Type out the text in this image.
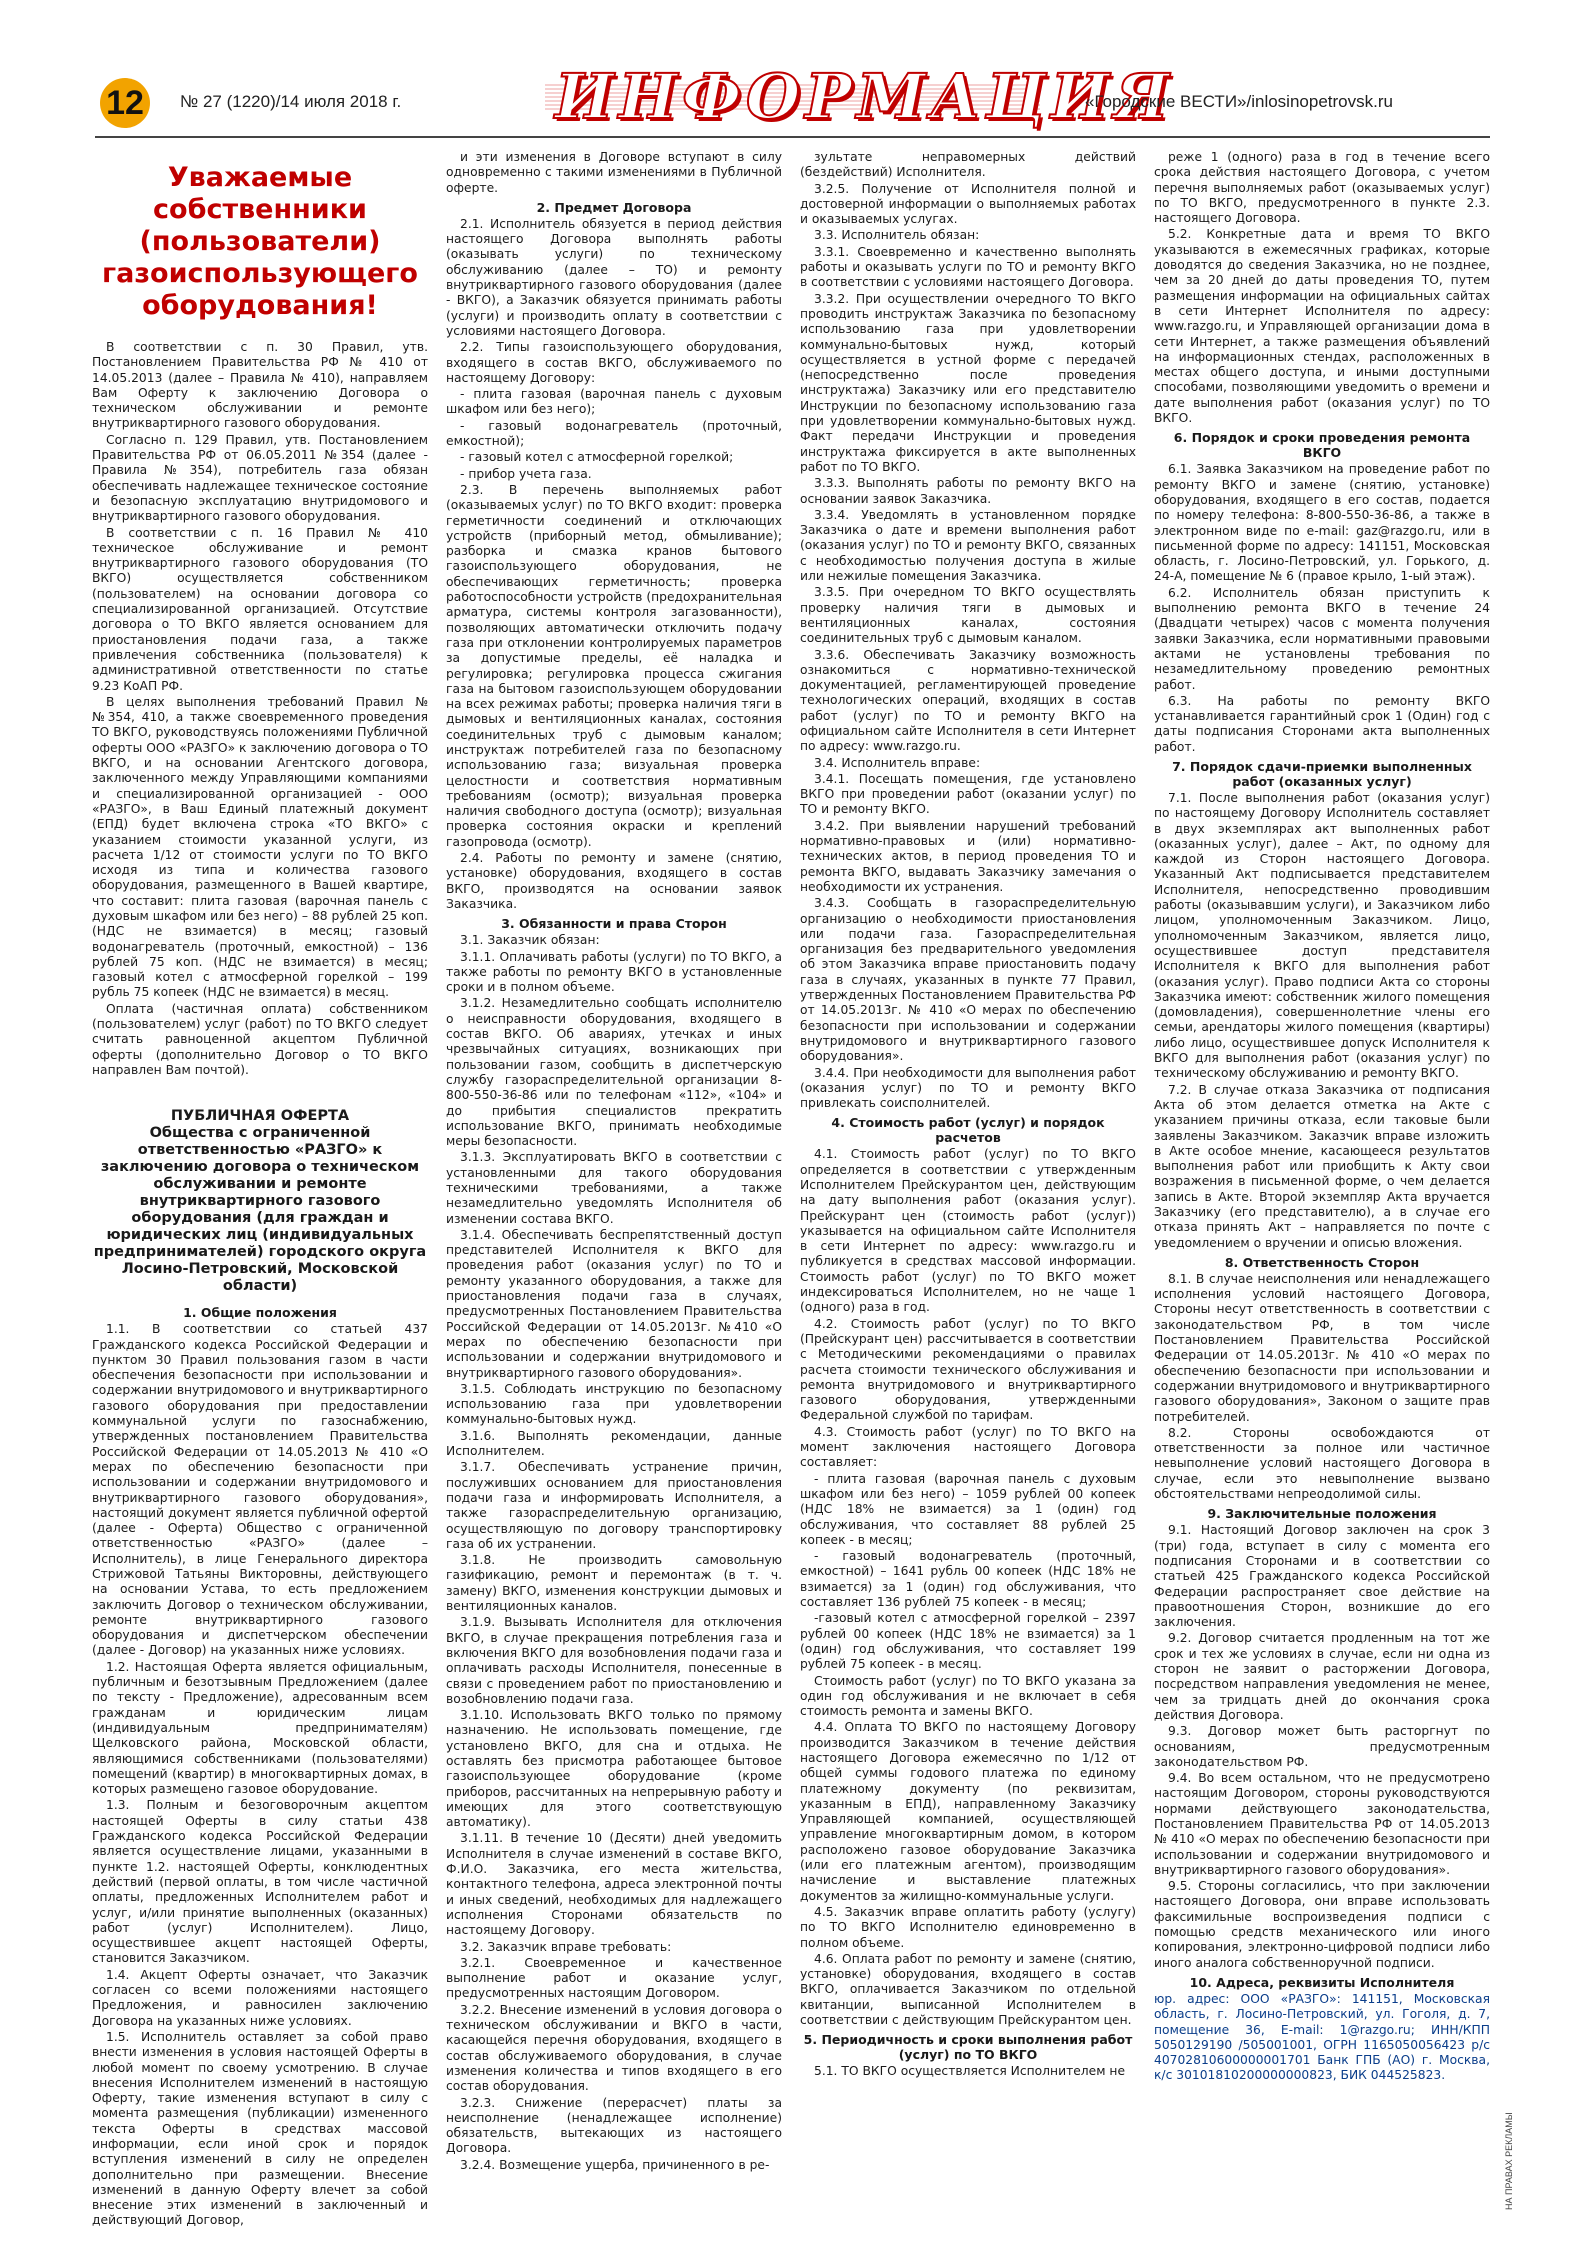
12	№ 27 (1220)/14 июля 2018 г. ИНФОРМАЦИЯ
«Городские ВЕСТИ»/inlosinopetrovsk.ru
Уважаемые собственники (пользователи) газоиспользующего оборудования!

В соответствии с п. 30 Правил, утв. Постановлением Правительства РФ № 410 от 14.05.2013 (далее – Правила № 410), направляем Вам Оферту к заключению Договора о техническом обслуживании и ремонте внутриквартирного газового оборудования.

Согласно п. 129 Правил, утв. Постановлением Правительства РФ от 06.05.2011 №354 (далее - Правила №354), потребитель газа обязан обеспечивать надлежащее техническое состояние и безопасную эксплуатацию внутридомового и внутриквартирного газового оборудования.

В соответствии с п. 16 Правил № 410 техническое обслуживание и ремонт внутриквартирного газового оборудования (ТО ВКГО) осуществляется собственником (пользователем) на основании договора со специализированной организацией. Отсутствие договора о ТО ВКГО является основанием для приостановления подачи газа, а также привлечения собственника (пользователя) к административной ответственности по статье 9.23 КоАП РФ.

В целях выполнения требований Правил №№354, 410, а также своевременного проведения ТО ВКГО, руководствуясь положениями Публичной оферты ООО «РАЗГО» к заключению договора о ТО ВКГО, и на основании Агентского договора, заключенного между Управляющими компаниями и специализированной организацией - ООО «РАЗГО», в Ваш Единый платежный документ (ЕПД) будет включена строка «ТО ВКГО» с указанием стоимости указанной услуги, из расчета 1/12 от стоимости услуги по ТО ВКГО исходя из типа и количества газового оборудования, размещенного в Вашей квартире, что составит: плита газовая (варочная панель с духовым шкафом или без него) – 88 рублей 25 коп. (НДС не взимается) в месяц; газовый водонагреватель (проточный, емкостной) – 136 рублей 75 коп. (НДС не взимается) в месяц; газовый котел с атмосферной горелкой – 199 рубль 75 копеек (НДС не взимается) в месяц.

Оплата (частичная оплата) собственником (пользователем) услуг (работ) по ТО ВКГО следует считать равноценной акцептом Публичной оферты (дополнительно Договор о ТО ВКГО направлен Вам почтой).

ПУБЛИЧНАЯ ОФЕРТА
Общества с ограниченной ответственностью «РАЗГО» к заключению договора о техническом обслуживании и ремонте внутриквартирного газового оборудования (для граждан и юридических лиц (индивидуальных предпринимателей) городского округа Лосино-Петровский, Московской области)
1. Общие положения

1.1. В соответствии со статьей 437 Гражданского кодекса Российской Федерации и пунктом 30 Правил пользования газом в части обеспечения безопасности при использовании и содержании внутридомового и внутриквартирного газового оборудования при предоставлении коммунальной услуги по газоснабжению, утвержденных постановлением Правительства Российской Федерации от 14.05.2013 № 410 «О мерах по обеспечению безопасности при использовании и содержании внутридомового и внутриквартирного газового оборудования», настоящий документ является публичной офертой (далее - Оферта) Общество с ограниченной ответственностью «РАЗГО» (далее – Исполнитель), в лице Генерального директора Стрижовой Татьяны Викторовны, действующего на основании Устава, то есть предложением заключить Договор о техническом обслуживании, ремонте внутриквартирного газового оборудования и диспетчерском обеспечении (далее - Договор) на указанных ниже условиях.

1.2. Настоящая Оферта является официальным, публичным и безотзывным Предложением (далее по тексту - Предложение), адресованным всем гражданам и юридическим лицам (индивидуальным предпринимателям) Щелковского района, Московской области, являющимися собственниками (пользователями) помещений (квартир) в многоквартирных домах, в которых размещено газовое оборудование.

1.3. Полным и безоговорочным акцептом настоящей Оферты в силу статьи 438 Гражданского кодекса Российской Федерации является осуществление лицами, указанными в пункте 1.2. настоящей Оферты, конклюдентных действий (первой оплаты, в том числе частичной оплаты, предложенных Исполнителем работ и услуг, и/или принятие выполненных (оказанных) работ (услуг) Исполнителем). Лицо, осуществившее акцепт настоящей Оферты, становится Заказчиком.

1.4. Акцепт Оферты означает, что Заказчик согласен со всеми положениями настоящего Предложения, и равносилен заключению Договора на указанных ниже условиях.

1.5. Исполнитель оставляет за собой право внести изменения в условия настоящей Оферты в любой момент по своему усмотрению. В случае внесения Исполнителем изменений в настоящую Оферту, такие изменения вступают в силу с момента размещения (публикации) измененного текста Оферты в средствах массовой информации, если иной срок и порядок вступления изменений в силу не определен дополнительно при размещении. Внесение изменений в данную Оферту влечет за собой внесение этих изменений в заключенный и действующий Договор,

и эти изменения в Договоре вступают в силу одновременно с такими изменениями в Публичной оферте.

2. Предмет Договора

2.1. Исполнитель обязуется в период действия настоящего Договора выполнять работы (оказывать услуги) по техническому обслуживанию (далее – ТО) и ремонту внутриквартирного газового оборудования (далее - ВКГО), а Заказчик обязуется принимать работы (услуги) и производить оплату в соответствии с условиями настоящего Договора.

2.2. Типы газоиспользующего оборудования, входящего в состав ВКГО, обслуживаемого по настоящему Договору:

- плита газовая (варочная панель с духовым шкафом или без него);

- газовый водонагреватель (проточный, емкостной);

- газовый котел с атмосферной горелкой;

- прибор учета газа.

2.3. В перечень выполняемых работ (оказываемых услуг) по ТО ВКГО входит: проверка герметичности соединений и отключающих устройств (приборный метод, обмыливание); разборка и смазка кранов бытового газоиспользующего оборудования, не обеспечивающих герметичность; проверка работоспособности устройств (предохранительная арматура, системы контроля загазованности), позволяющих автоматически отключить подачу газа при отклонении контролируемых параметров за допустимые пределы, её наладка и регулировка; регулировка процесса сжигания газа на бытовом газоиспользующем оборудовании на всех режимах работы; проверка наличия тяги в дымовых и вентиляционных каналах, состояния соединительных труб с дымовым каналом; инструктаж потребителей газа по безопасному использованию газа; визуальная проверка целостности и соответствия нормативным требованиям (осмотр); визуальная проверка наличия свободного доступа (осмотр); визуальная проверка состояния окраски и креплений газопровода (осмотр).

2.4. Работы по ремонту и замене (снятию, установке) оборудования, входящего в состав ВКГО, производятся на основании заявок Заказчика.

3. Обязанности и права Сторон

3.1. Заказчик обязан:

3.1.1. Оплачивать работы (услуги) по ТО ВКГО, а также работы по ремонту ВКГО в установленные сроки и в полном объеме.

3.1.2. Незамедлительно сообщать исполнителю о неисправности оборудования, входящего в состав ВКГО. Об авариях, утечках и иных чрезвычайных ситуациях, возникающих при пользовании газом, сообщить в диспетчерскую службу газораспределительной организации 8-800-550-36-86 или по телефонам «112», «104» и до прибытия специалистов прекратить использование ВКГО, принимать необходимые меры безопасности.

3.1.3. Эксплуатировать ВКГО в соответствии с установленными для такого оборудования техническими требованиями, а также незамедлительно уведомлять Исполнителя об изменении состава ВКГО.

3.1.4. Обеспечивать беспрепятственный доступ представителей Исполнителя к ВКГО для проведения работ (оказания услуг) по ТО и ремонту указанного оборудования, а также для приостановления подачи газа в случаях, предусмотренных Постановлением Правительства Российской Федерации от 14.05.2013г. №410 «О мерах по обеспечению безопасности при использовании и содержании внутридомового и внутриквартирного газового оборудования».

3.1.5. Соблюдать инструкцию по безопасному использованию газа при удовлетворении коммунально-бытовых нужд.

3.1.6. Выполнять рекомендации, данные Исполнителем.

3.1.7. Обеспечивать устранение причин, послуживших основанием для приостановления подачи газа и информировать Исполнителя, а также газораспределительную организацию, осуществляющую по договору транспортировку газа об их устранении.

3.1.8. Не производить самовольную газификацию, ремонт и перемонтаж (в т. ч. замену) ВКГО, изменения конструкции дымовых и вентиляционных каналов.

3.1.9. Вызывать Исполнителя для отключения ВКГО, в случае прекращения потребления газа и включения ВКГО для возобновления подачи газа и оплачивать расходы Исполнителя, понесенные в связи с проведением работ по приостановлению и возобновлению подачи газа.

3.1.10. Использовать ВКГО только по прямому назначению. Не использовать помещение, где установлено ВКГО, для сна и отдыха. Не оставлять без присмотра работающее бытовое газоиспользующее оборудование (кроме приборов, рассчитанных на непрерывную работу и имеющих для этого соответствующую автоматику).

3.1.11. В течение 10 (Десяти) дней уведомить Исполнителя в случае изменений в составе ВКГО, Ф.И.О. Заказчика, его места жительства, контактного телефона, адреса электронной почты и иных сведений, необходимых для надлежащего исполнения Сторонами обязательств по настоящему Договору.

3.2. Заказчик вправе требовать:

3.2.1. Своевременное и качественное выполнение работ и оказание услуг, предусмотренных настоящим Договором.

3.2.2. Внесение изменений в условия договора о техническом обслуживании и ВКГО в части, касающейся перечня оборудования, входящего в состав обслуживаемого оборудования, в случае изменения количества и типов входящего в его состав оборудования.

3.2.3. Снижение (перерасчет) платы за неисполнение (ненадлежащее исполнение) обязательств, вытекающих из настоящего Договора.

3.2.4. Возмещение ущерба, причиненного в ре-

зультате неправомерных действий (бездействий) Исполнителя.

3.2.5. Получение от Исполнителя полной и достоверной информации о выполняемых работах и оказываемых услугах.

3.3. Исполнитель обязан:

3.3.1. Своевременно и качественно выполнять работы и оказывать услуги по ТО и ремонту ВКГО в соответствии с условиями настоящего Договора.

3.3.2. При осуществлении очередного ТО ВКГО проводить инструктаж Заказчика по безопасному использованию газа при удовлетворении коммунально-бытовых нужд, который осуществляется в устной форме с передачей (непосредственно после проведения инструктажа) Заказчику или его представителю Инструкции по безопасному использованию газа при удовлетворении коммунально-бытовых нужд. Факт передачи Инструкции и проведения инструктажа фиксируется в акте выполненных работ по ТО ВКГО.

3.3.3. Выполнять работы по ремонту ВКГО на основании заявок Заказчика.

3.3.4. Уведомлять в установленном порядке Заказчика о дате и времени выполнения работ (оказания услуг) по ТО и ремонту ВКГО, связанных с необходимостью получения доступа в жилые или нежилые помещения Заказчика.

3.3.5. При очередном ТО ВКГО осуществлять проверку наличия тяги в дымовых и вентиляционных каналах, состояния соединительных труб с дымовым каналом.

3.3.6. Обеспечивать Заказчику возможность ознакомиться с нормативно-технической документацией, регламентирующей проведение технологических операций, входящих в состав работ (услуг) по ТО и ремонту ВКГО на официальном сайте Исполнителя в сети Интернет по адресу: www.razgo.ru.

3.4. Исполнитель вправе:

3.4.1. Посещать помещения, где установлено ВКГО при проведении работ (оказании услуг) по ТО и ремонту ВКГО.

3.4.2. При выявлении нарушений требований нормативно-правовых и (или) нормативно-технических актов, в период проведения ТО и ремонта ВКГО, выдавать Заказчику замечания о необходимости их устранения.

3.4.3. Сообщать в газораспределительную организацию о необходимости приостановления или подачи газа. Газораспределительная организация без предварительного уведомления об этом Заказчика вправе приостановить подачу газа в случаях, указанных в пункте 77 Правил, утвержденных Постановлением Правительства РФ от 14.05.2013г. № 410 «О мерах по обеспечению безопасности при использовании и содержании внутридомового и внутриквартирного газового оборудования».

3.4.4. При необходимости для выполнения работ (оказания услуг) по ТО и ремонту ВКГО привлекать соисполнителей.

4. Стоимость работ (услуг) и порядок расчетов

4.1. Стоимость работ (услуг) по ТО ВКГО определяется в соответствии с утвержденным Исполнителем Прейскурантом цен, действующим на дату выполнения работ (оказания услуг). Прейскурант цен (стоимость работ (услуг)) указывается на официальном сайте Исполнителя в сети Интернет по адресу: www.razgo.ru и публикуется в средствах массовой информации. Стоимость работ (услуг) по ТО ВКГО может индексироваться Исполнителем, но не чаще 1 (одного) раза в год.

4.2. Стоимость работ (услуг) по ТО ВКГО (Прейскурант цен) рассчитывается в соответствии с Методическими рекомендациями о правилах расчета стоимости технического обслуживания и ремонта внутридомового и внутриквартирного газового оборудования, утвержденными Федеральной службой по тарифам.

4.3. Стоимость работ (услуг) по ТО ВКГО на момент заключения настоящего Договора составляет:

- плита газовая (варочная панель с духовым шкафом или без него) – 1059 рублей 00 копеек (НДС 18% не взимается) за 1 (один) год обслуживания, что составляет 88 рублей 25 копеек - в месяц;

- газовый водонагреватель (проточный, емкостной) – 1641 рубль 00 копеек (НДС 18% не взимается) за 1 (один) год обслуживания, что составляет 136 рублей 75 копеек - в месяц;

-газовый котел с атмосферной горелкой – 2397 рублей 00 копеек (НДС 18% не взимается) за 1 (один) год обслуживания, что составляет 199 рублей 75 копеек - в месяц.

Стоимость работ (услуг) по ТО ВКГО указана за один год обслуживания и не включает в себя стоимость ремонта и замены ВКГО.

4.4. Оплата ТО ВКГО по настоящему Договору производится Заказчиком в течение действия настоящего Договора ежемесячно по 1/12 от общей суммы годового платежа по единому платежному документу (по реквизитам, указанным в ЕПД), направленному Заказчику Управляющей компанией, осуществляющей управление многоквартирным домом, в котором расположено газовое оборудование Заказчика (или его платежным агентом), производящим начисление и выставление платежных документов за жилищно-коммунальные услуги.

4.5. Заказчик вправе оплатить работу (услугу) по ТО ВКГО Исполнителю единовременно в полном объеме.

4.6. Оплата работ по ремонту и замене (снятию, установке) оборудования, входящего в состав ВКГО, оплачивается Заказчиком по отдельной квитанции, выписанной Исполнителем в соответствии с действующим Прейскурантом цен.

5. Периодичность и сроки выполнения работ (услуг) по ТО ВКГО

5.1. ТО ВКГО осуществляется Исполнителем не

реже 1 (одного) раза в год в течение всего срока действия настоящего Договора, с учетом перечня выполняемых работ (оказываемых услуг) по ТО ВКГО, предусмотренного в пункте 2.3. настоящего Договора.

5.2. Конкретные дата и время ТО ВКГО указываются в ежемесячных графиках, которые доводятся до сведения Заказчика, но не позднее, чем за 20 дней до даты проведения ТО, путем размещения информации на официальных сайтах в сети Интернет Исполнителя по адресу: www.razgo.ru, и Управляющей организации дома в сети Интернет, а также размещения объявлений на информационных стендах, расположенных в местах общего доступа, и иными доступными способами, позволяющими уведомить о времени и дате выполнения работ (оказания услуг) по ТО ВКГО.

6. Порядок и сроки проведения ремонта ВКГО

6.1. Заявка Заказчиком на проведение работ по ремонту ВКГО и замене (снятию, установке) оборудования, входящего в его состав, подается по номеру телефона: 8-800-550-36-86, а также в электронном виде по e-mail: gaz@razgo.ru, или в письменной форме по адресу: 141151, Московская область, г. Лосино-Петровский, ул. Горького, д. 24-А, помещение № 6 (правое крыло, 1-ый этаж).

6.2. Исполнитель обязан приступить к выполнению ремонта ВКГО в течение 24 (Двадцати четырех) часов с момента получения заявки Заказчика, если нормативными правовыми актами не установлены требования по незамедлительному проведению ремонтных работ.

6.3. На работы по ремонту ВКГО устанавливается гарантийный срок 1 (Один) год с даты подписания Сторонами акта выполненных работ.

7. Порядок сдачи-приемки выполненных работ (оказанных услуг)

7.1. После выполнения работ (оказания услуг) по настоящему Договору Исполнитель составляет в двух экземплярах акт выполненных работ (оказанных услуг), далее – Акт, по одному для каждой из Сторон настоящего Договора. Указанный Акт подписывается представителем Исполнителя, непосредственно проводившим работы (оказывавшим услуги), и Заказчиком либо лицом, уполномоченным Заказчиком. Лицо, уполномоченным Заказчиком, является лицо, осуществившее доступ представителя Исполнителя к ВКГО для выполнения работ (оказания услуг). Право подписи Акта со стороны Заказчика имеют: собственник жилого помещения (домовладения), совершеннолетние члены его семьи, арендаторы жилого помещения (квартиры) либо лицо, осуществившее допуск Исполнителя к ВКГО для выполнения работ (оказания услуг) по техническому обслуживанию и ремонту ВКГО.

7.2. В случае отказа Заказчика от подписания Акта об этом делается отметка на Акте с указанием причины отказа, если таковые были заявлены Заказчиком. Заказчик вправе изложить в Акте особое мнение, касающееся результатов выполнения работ или приобщить к Акту свои возражения в письменной форме, о чем делается запись в Акте. Второй экземпляр Акта вручается Заказчику (его представителю), а в случае его отказа принять Акт – направляется по почте с уведомлением о вручении и описью вложения.

8. Ответственность Сторон

8.1. В случае неисполнения или ненадлежащего исполнения условий настоящего Договора, Стороны несут ответственность в соответствии с законодательством РФ, в том числе Постановлением Правительства Российской Федерации от 14.05.2013г. № 410 «О мерах по обеспечению безопасности при использовании и содержании внутридомового и внутриквартирного газового оборудования», Законом о защите прав потребителей.

8.2. Стороны освобождаются от ответственности за полное или частичное невыполнение условий настоящего Договора в случае, если это невыполнение вызвано обстоятельствами непреодолимой силы.

9. Заключительные положения

9.1. Настоящий Договор заключен на срок 3 (три) года, вступает в силу с момента его подписания Сторонами и в соответствии со статьей 425 Гражданского кодекса Российской Федерации распространяет свое действие на правоотношения Сторон, возникшие до его заключения.

9.2. Договор считается продленным на тот же срок и тех же условиях в случае, если ни одна из сторон не заявит о расторжении Договора, посредством направления уведомления не менее, чем за тридцать дней до окончания срока действия Договора.

9.3. Договор может быть расторгнут по основаниям, предусмотренным законодательством РФ.

9.4. Во всем остальном, что не предусмотрено настоящим Договором, стороны руководствуются нормами действующего законодательства, Постановлением Правительства РФ от 14.05.2013 № 410 «О мерах по обеспечению безопасности при использовании и содержании внутридомового и внутриквартирного газового оборудования».

9.5. Стороны согласились, что при заключении настоящего Договора, они вправе использовать факсимильные воспроизведения подписи с помощью средств механического или иного копирования, электронно-цифровой подписи либо иного аналога собственноручной подписи.

10. Адреса, реквизиты Исполнителя

юр. адрес: ООО «РАЗГО»: 141151, Московская область, г. Лосино-Петровский, ул. Гоголя, д. 7, помещение 36, E-mail: 1@razgo.ru; ИНН/КПП 5050129190 /505001001, ОГРН 1165050056423 р/с 40702810600000001701 Банк ГПБ (АО) г. Москва, к/с 30101810200000000823, БИК 044525823.

НА ПРАВАХ РЕКЛАМЫ
